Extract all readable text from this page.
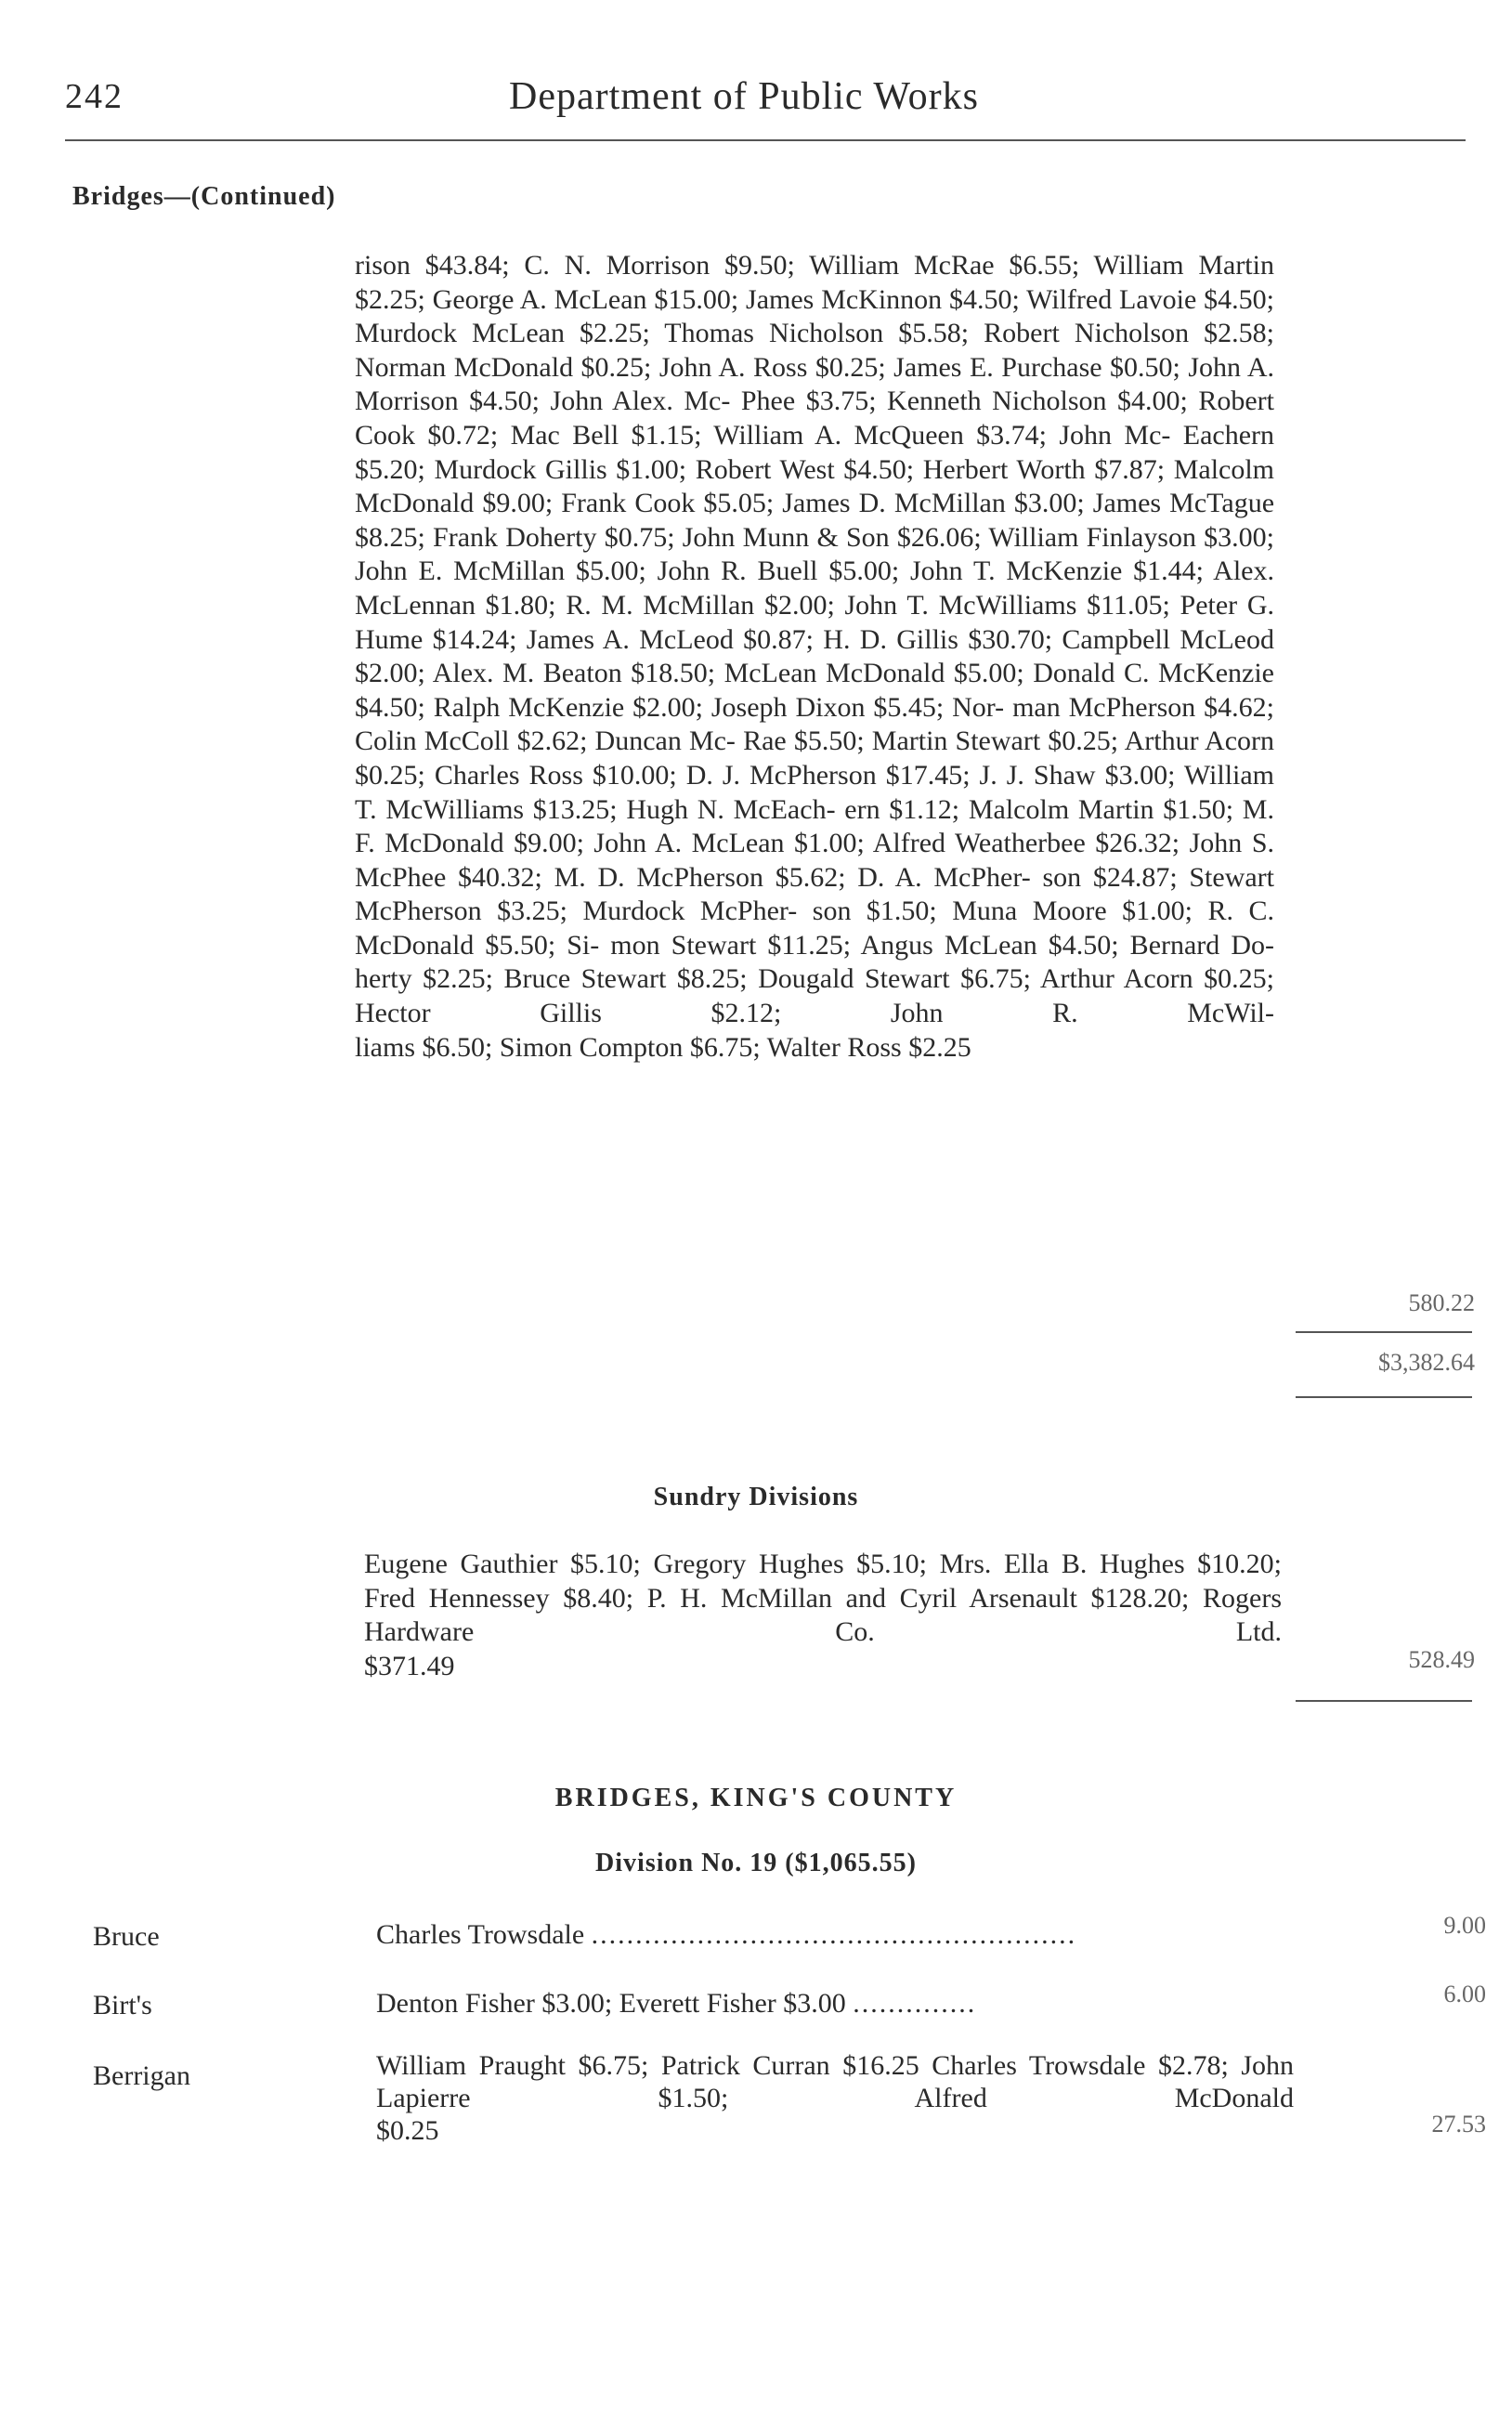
242	Department of Public Works
Bridges—(Continued)
rison $43.84; C. N. Morrison $9.50; William McRae $6.55; William Martin $2.25; George A. McLean $15.00; James McKinnon $4.50; Wilfred Lavoie $4.50; Murdock McLean $2.25; Thomas Nicholson $5.58; Robert Nicholson $2.58; Norman McDonald $0.25; John A. Ross $0.25; James E. Purchase $0.50; John A. Morrison $4.50; John Alex. Mc- Phee $3.75; Kenneth Nicholson $4.00; Robert Cook $0.72; Mac Bell $1.15; William A. McQueen $3.74; John Mc- Eachern $5.20; Murdock Gillis $1.00; Robert West $4.50; Herbert Worth $7.87; Malcolm McDonald $9.00; Frank Cook $5.05; James D. McMillan $3.00; James McTague $8.25; Frank Doherty $0.75; John Munn & Son $26.06; William Finlayson $3.00; John E. McMillan $5.00; John R. Buell $5.00; John T. McKenzie $1.44; Alex. McLennan $1.80; R. M. McMillan $2.00; John T. McWilliams $11.05; Peter G. Hume $14.24; James A. McLeod $0.87; H. D. Gillis $30.70; Campbell McLeod $2.00; Alex. M. Beaton $18.50; McLean McDonald $5.00; Donald C. McKenzie $4.50; Ralph McKenzie $2.00; Joseph Dixon $5.45; Nor- man McPherson $4.62; Colin McColl $2.62; Duncan Mc- Rae $5.50; Martin Stewart $0.25; Arthur Acorn $0.25; Charles Ross $10.00; D. J. McPherson $17.45; J. J. Shaw $3.00; William T. McWilliams $13.25; Hugh N. McEach- ern $1.12; Malcolm Martin $1.50; M. F. McDonald $9.00; John A. McLean $1.00; Alfred Weatherbee $26.32; John S. McPhee $40.32; M. D. McPherson $5.62; D. A. McPher- son $24.87; Stewart McPherson $3.25; Murdock McPher- son $1.50; Muna Moore $1.00; R. C. McDonald $5.50; Si- mon Stewart $11.25; Angus McLean $4.50; Bernard Do- herty $2.25; Bruce Stewart $8.25; Dougald Stewart $6.75; Arthur Acorn $0.25; Hector Gillis $2.12; John R. McWil-
liams $6.50; Simon Compton $6.75; Walter Ross $2.25
580.22
$3,382.64
Sundry Divisions
Eugene Gauthier $5.10; Gregory Hughes $5.10; Mrs. Ella B. Hughes $10.20; Fred Hennessey $8.40; P. H. McMillan and Cyril Arsenault $128.20; Rogers Hardware Co. Ltd.
$371.49	528.49
BRIDGES, KING'S COUNTY
Division No. 19 ($1,065.55)
Bruce	Charles Trowsdale .......................................................	9.00
Birt's	Denton Fisher $3.00; Everett Fisher $3.00 ..............	6.00
Berrigan	William Praught $6.75; Patrick Curran $16.25 Charles Trowsdale $2.78; John Lapierre $1.50; Alfred McDonald
$0.25	27.53
